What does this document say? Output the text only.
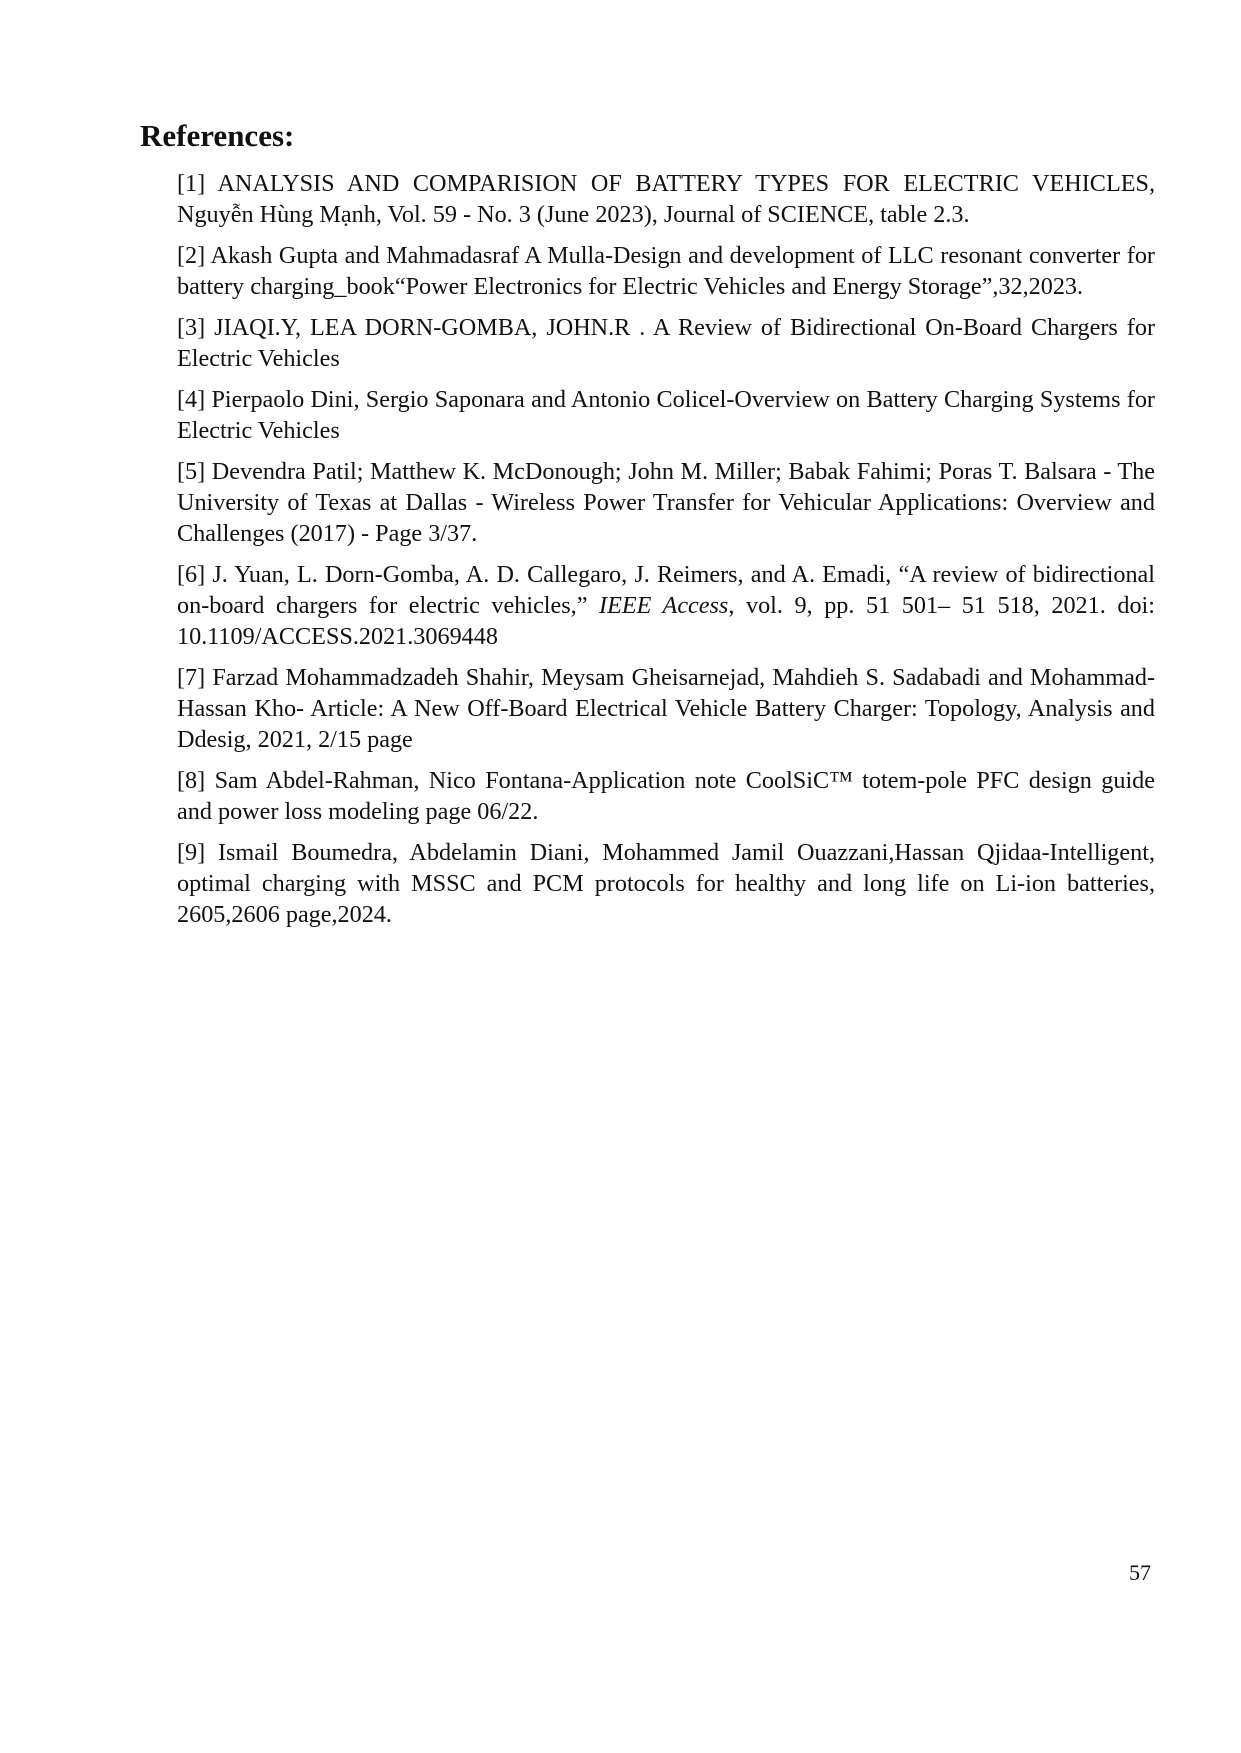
References:
[1] ANALYSIS AND COMPARISION OF BATTERY TYPES FOR ELECTRIC VEHICLES, Nguyễn Hùng Mạnh, Vol. 59 - No. 3 (June 2023), Journal of SCIENCE, table 2.3.
[2] Akash Gupta and Mahmadasraf A Mulla-Design and development of LLC resonant converter for battery charging_book“Power Electronics for Electric Vehicles and Energy Storage”,32,2023.
[3] JIAQI.Y, LEA DORN-GOMBA, JOHN.R . A Review of Bidirectional On-Board Chargers for Electric Vehicles
[4] Pierpaolo Dini, Sergio Saponara and Antonio Colicel-Overview on Battery Charging Systems for Electric Vehicles
[5] Devendra Patil; Matthew K. McDonough; John M. Miller; Babak Fahimi; Poras T. Balsara - The University of Texas at Dallas - Wireless Power Transfer for Vehicular Applications: Overview and Challenges (2017) - Page 3/37.
[6] J. Yuan, L. Dorn-Gomba, A. D. Callegaro, J. Reimers, and A. Emadi, “A review of bidirectional on-board chargers for electric vehicles,” IEEE Access, vol. 9, pp. 51 501– 51 518, 2021. doi: 10.1109/ACCESS.2021.3069448
[7] Farzad Mohammadzadeh Shahir, Meysam Gheisarnejad, Mahdieh S. Sadabadi and Mohammad-Hassan Kho- Article: A New Off-Board Electrical Vehicle Battery Charger: Topology, Analysis and Ddesig, 2021, 2/15 page
[8] Sam Abdel-Rahman, Nico Fontana-Application note CoolSiC™ totem-pole PFC design guide and power loss modeling page 06/22.
[9] Ismail Boumedra, Abdelamin Diani, Mohammed Jamil Ouazzani,Hassan Qjidaa-Intelligent, optimal charging with MSSC and PCM protocols for healthy and long life on Li-ion batteries, 2605,2606 page,2024.
57
